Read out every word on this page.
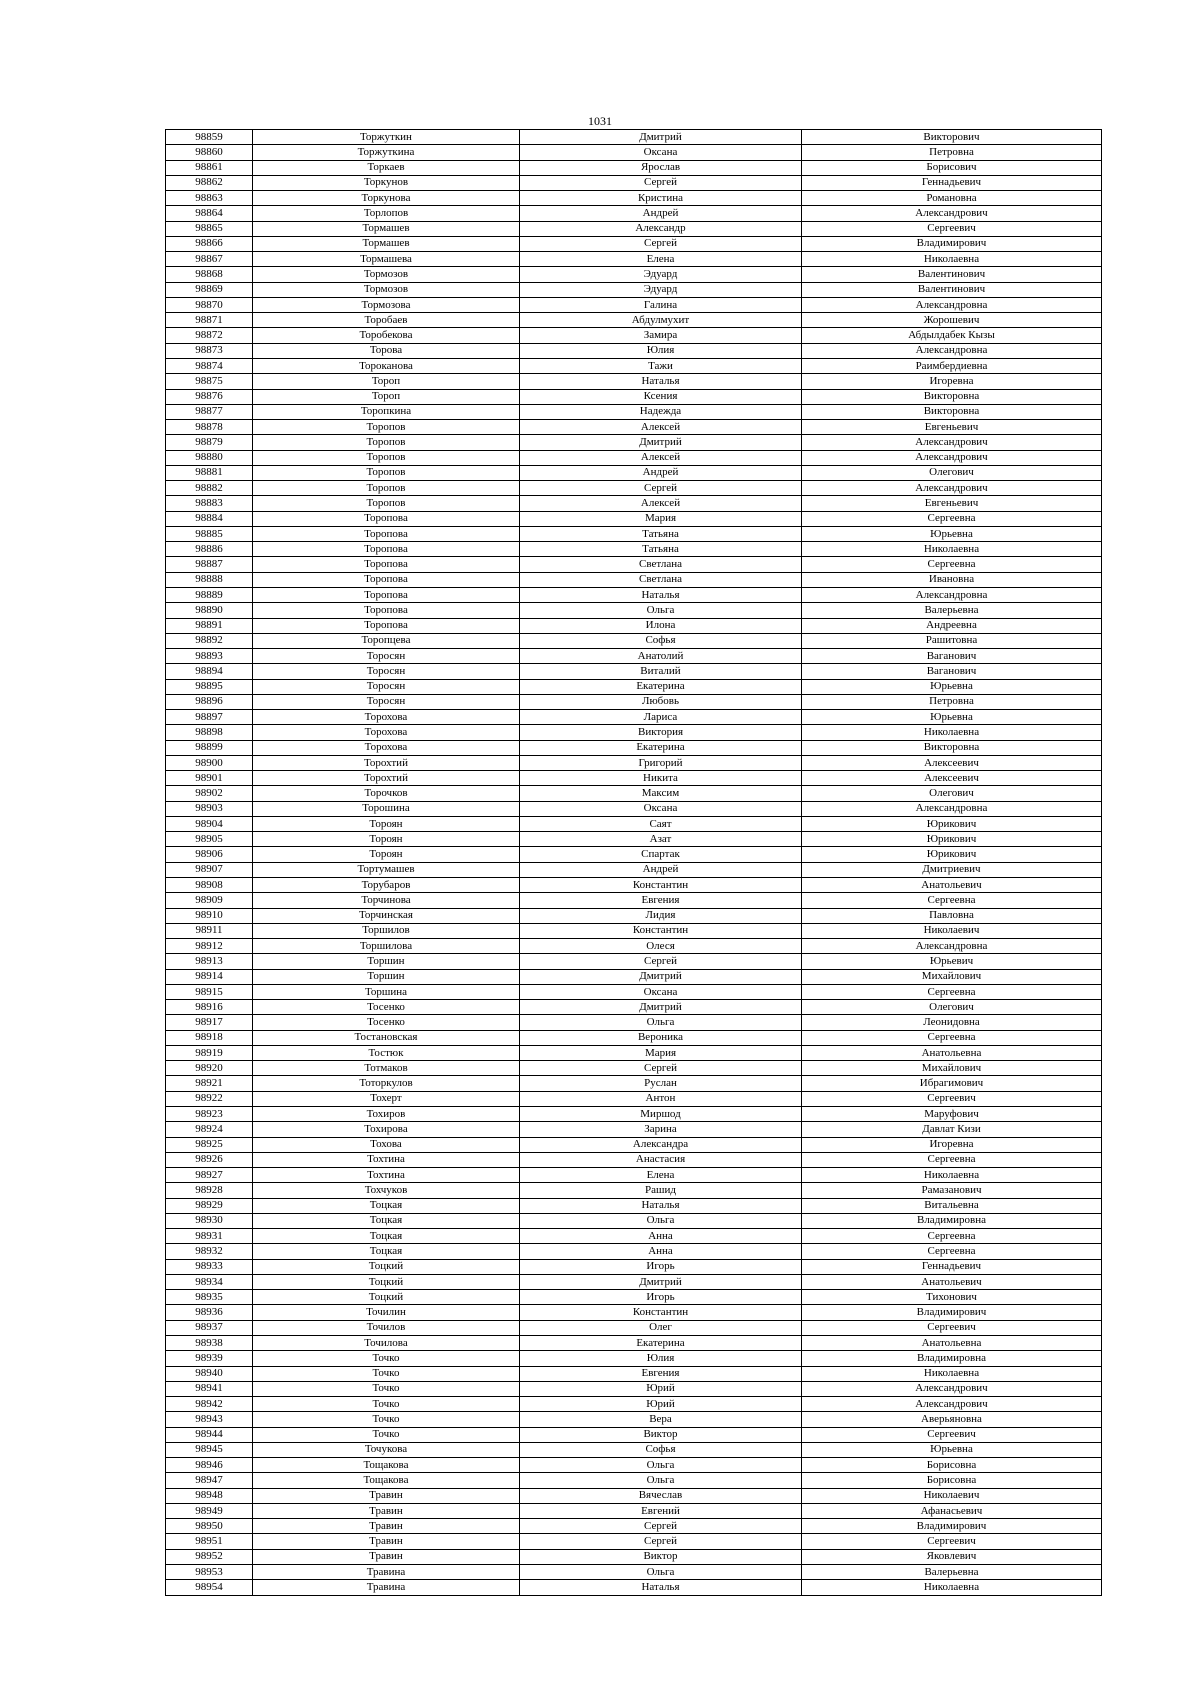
1031
98859	Торжуткин	Дмитрий	Викторович
98860	Торжуткина	Оксана	Петровна
98861	Торкаев	Ярослав	Борисович
98862	Торкунов	Сергей	Геннадьевич
98863	Торкунова	Кристина	Романовна
98864	Торлопов	Андрей	Александрович
98865	Тормашев	Александр	Сергеевич
98866	Тормашев	Сергей	Владимирович
98867	Тормашева	Елена	Николаевна
98868	Тормозов	Эдуард	Валентинович
98869	Тормозов	Эдуард	Валентинович
98870	Тормозова	Галина	Александровна
98871	Торобаев	Абдулмухит	Жорошевич
98872	Торобекова	Замира	Абдылдабек Кызы
98873	Торова	Юлия	Александровна
98874	Тороканова	Тажи	Раимбердиевна
98875	Тороп	Наталья	Игоревна
98876	Тороп	Ксения	Викторовна
98877	Торопкина	Надежда	Викторовна
98878	Торопов	Алексей	Евгеньевич
98879	Торопов	Дмитрий	Александрович
98880	Торопов	Алексей	Александрович
98881	Торопов	Андрей	Олегович
98882	Торопов	Сергей	Александрович
98883	Торопов	Алексей	Евгеньевич
98884	Торопова	Мария	Сергеевна
98885	Торопова	Татьяна	Юрьевна
98886	Торопова	Татьяна	Николаевна
98887	Торопова	Светлана	Сергеевна
98888	Торопова	Светлана	Ивановна
98889	Торопова	Наталья	Александровна
98890	Торопова	Ольга	Валерьевна
98891	Торопова	Илона	Андреевна
98892	Торопцева	Софья	Рашитовна
98893	Торосян	Анатолий	Ваганович
98894	Торосян	Виталий	Ваганович
98895	Торосян	Екатерина	Юрьевна
98896	Торосян	Любовь	Петровна
98897	Торохова	Лариса	Юрьевна
98898	Торохова	Виктория	Николаевна
98899	Торохова	Екатерина	Викторовна
98900	Торохтий	Григорий	Алексеевич
98901	Торохтий	Никита	Алексеевич
98902	Торочков	Максим	Олегович
98903	Торошина	Оксана	Александровна
98904	Тороян	Саят	Юрикович
98905	Тороян	Азат	Юрикович
98906	Тороян	Спартак	Юрикович
98907	Тортумашев	Андрей	Дмитриевич
98908	Торубаров	Константин	Анатольевич
98909	Торчинова	Евгения	Сергеевна
98910	Торчинская	Лидия	Павловна
98911	Торшилов	Константин	Николаевич
98912	Торшилова	Олеся	Александровна
98913	Торшин	Сергей	Юрьевич
98914	Торшин	Дмитрий	Михайлович
98915	Торшина	Оксана	Сергеевна
98916	Тосенко	Дмитрий	Олегович
98917	Тосенко	Ольга	Леонидовна
98918	Тостановская	Вероника	Сергеевна
98919	Тостюк	Мария	Анатольевна
98920	Тотмаков	Сергей	Михайлович
98921	Тоторкулов	Руслан	Ибрагимович
98922	Тохерт	Антон	Сергеевич
98923	Тохиров	Миршод	Маруфович
98924	Тохирова	Зарина	Давлат Кизи
98925	Тохова	Александра	Игоревна
98926	Тохтина	Анастасия	Сергеевна
98927	Тохтина	Елена	Николаевна
98928	Тохчуков	Рашид	Рамазанович
98929	Тоцкая	Наталья	Витальевна
98930	Тоцкая	Ольга	Владимировна
98931	Тоцкая	Анна	Сергеевна
98932	Тоцкая	Анна	Сергеевна
98933	Тоцкий	Игорь	Геннадьевич
98934	Тоцкий	Дмитрий	Анатольевич
98935	Тоцкий	Игорь	Тихонович
98936	Точилин	Константин	Владимирович
98937	Точилов	Олег	Сергеевич
98938	Точилова	Екатерина	Анатольевна
98939	Точко	Юлия	Владимировна
98940	Точко	Евгения	Николаевна
98941	Точко	Юрий	Александрович
98942	Точко	Юрий	Александрович
98943	Точко	Вера	Аверьяновна
98944	Точко	Виктор	Сергеевич
98945	Точукова	Софья	Юрьевна
98946	Тощакова	Ольга	Борисовна
98947	Тощакова	Ольга	Борисовна
98948	Травин	Вячеслав	Николаевич
98949	Травин	Евгений	Афанасьевич
98950	Травин	Сергей	Владимирович
98951	Травин	Сергей	Сергеевич
98952	Травин	Виктор	Яковлевич
98953	Травина	Ольга	Валерьевна
98954	Травина	Наталья	Николаевна
